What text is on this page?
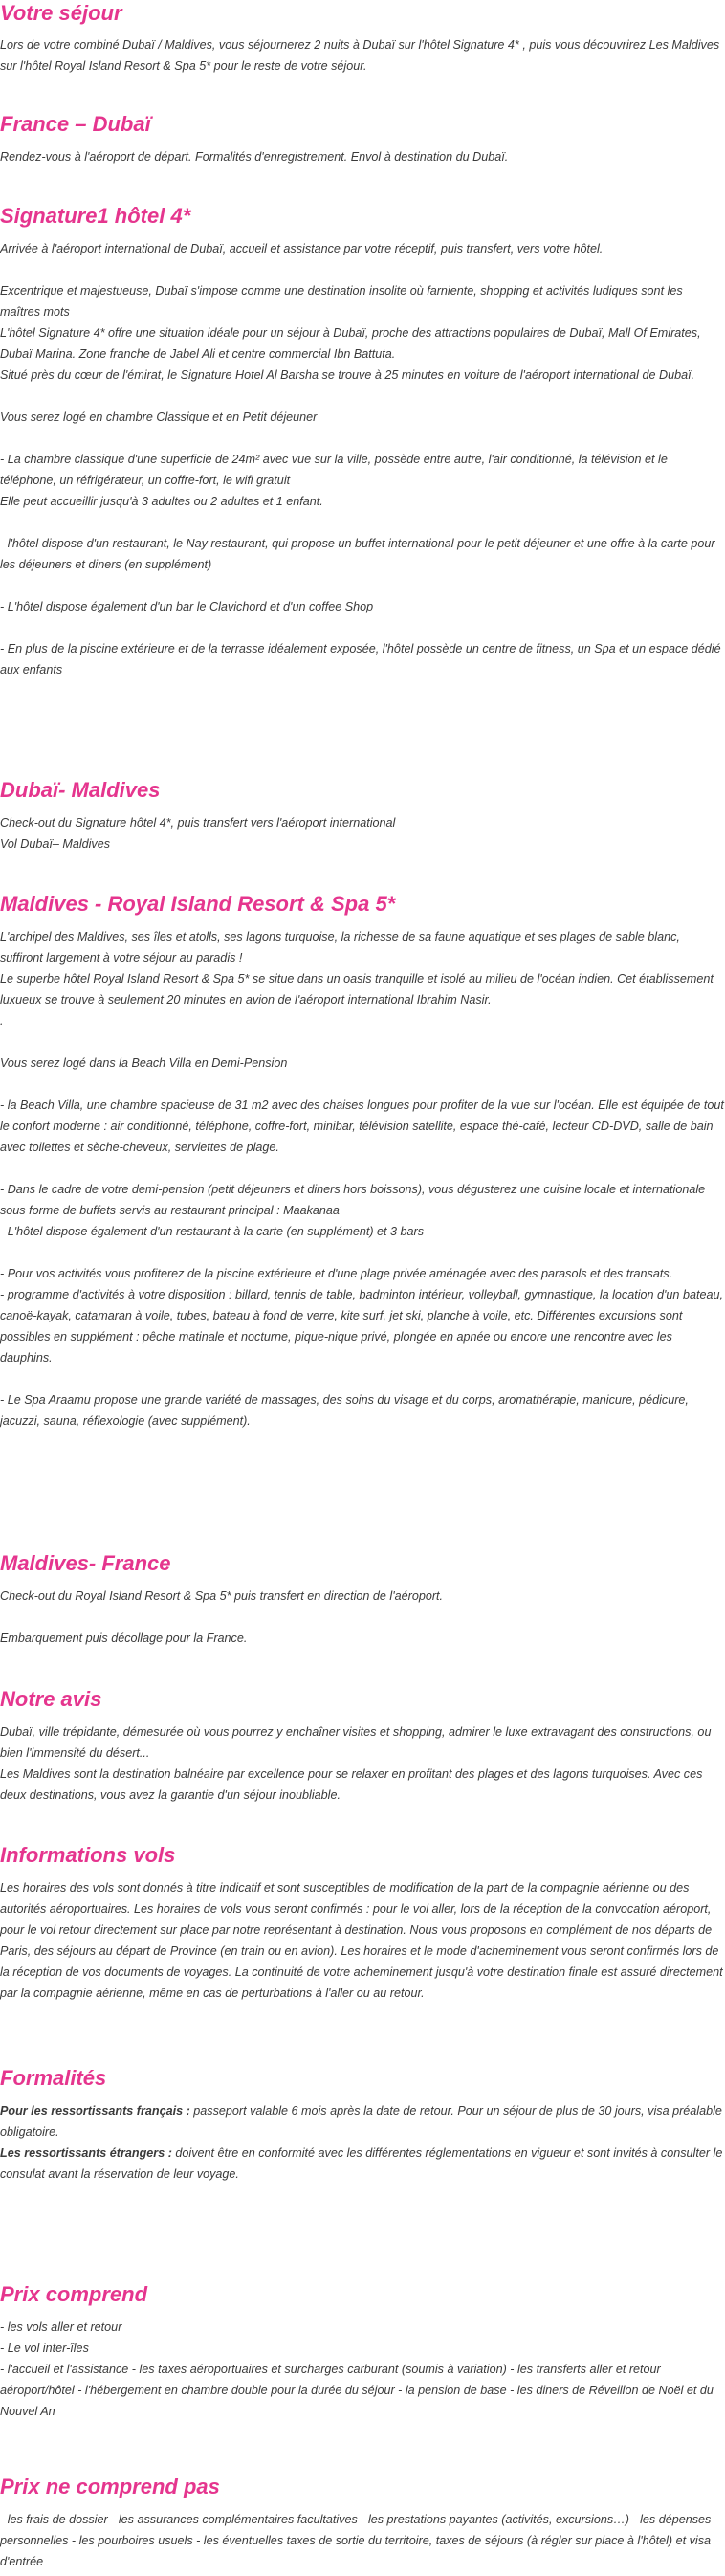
Votre séjour

Lors de votre combiné Dubaï / Maldives, vous séjournerez 2 nuits à Dubaï sur l'hôtel Signature 4* , puis vous découvrirez Les Maldives sur l'hôtel Royal Island Resort & Spa 5* pour le reste de votre séjour.

France – Dubaï

Rendez-vous à l'aéroport de départ. Formalités d'enregistrement. Envol à destination du Dubaï.

Signature1 hôtel 4*

Arrivée à l'aéroport international de Dubaï, accueil et assistance par votre réceptif, puis transfert, vers votre hôtel.

Excentrique et majestueuse, Dubaï s'impose comme une destination insolite où farniente, shopping et activités ludiques sont les maîtres mots

L'hôtel Signature 4* offre une situation idéale pour un séjour à Dubaï, proche des attractions populaires de Dubaï, Mall Of Emirates, Dubaï Marina. Zone franche de Jabel Ali et centre commercial Ibn Battuta.

Situé près du cœur de l'émirat, le Signature Hotel Al Barsha se trouve à 25 minutes en voiture de l'aéroport international de Dubaï.

Vous serez logé en chambre Classique et en Petit déjeuner

- La chambre classique d'une superficie de 24m² avec vue sur la ville, possède entre autre, l'air conditionné, la télévision et le téléphone, un réfrigérateur, un coffre-fort, le wifi gratuit

Elle peut accueillir jusqu'à 3 adultes ou 2 adultes et 1 enfant.

- l'hôtel dispose d'un restaurant, le Nay restaurant, qui propose un buffet international pour le petit déjeuner et une offre à la carte pour les déjeuners et diners (en supplément)

- L'hôtel dispose également d'un bar le Clavichord et d'un coffee Shop

- En plus de la piscine extérieure et de la terrasse idéalement exposée, l'hôtel possède un centre de fitness, un Spa et un espace dédié aux enfants

Dubaï- Maldives

Check-out du Signature hôtel 4*, puis transfert vers l'aéroport international

Vol Dubaï– Maldives

Maldives - Royal Island Resort & Spa 5*

L'archipel des Maldives, ses îles et atolls, ses lagons turquoise, la richesse de sa faune aquatique et ses plages de sable blanc, suffiront largement à votre séjour au paradis !

Le superbe hôtel Royal Island Resort & Spa 5* se situe dans un oasis tranquille et isolé au milieu de l'océan indien. Cet établissement luxueux se trouve à seulement 20 minutes en avion de l'aéroport international Ibrahim Nasir.

.

Vous serez logé dans la Beach Villa en Demi-Pension

- la Beach Villa, une chambre spacieuse de 31 m2 avec des chaises longues pour profiter de la vue sur l'océan. Elle est équipée de tout le confort moderne : air conditionné, téléphone, coffre-fort, minibar, télévision satellite, espace thé-café, lecteur CD-DVD, salle de bain avec toilettes et sèche-cheveux, serviettes de plage.

- Dans le cadre de votre demi-pension (petit déjeuners et diners hors boissons), vous dégusterez une cuisine locale et internationale sous forme de buffets servis au restaurant principal : Maakanaa

- L'hôtel dispose également d'un restaurant à la carte (en supplément) et 3 bars

- Pour vos activités vous profiterez de la piscine extérieure et d'une plage privée aménagée avec des parasols et des transats.

- programme d'activités à votre disposition : billard, tennis de table, badminton intérieur, volleyball, gymnastique, la location d'un bateau, canoë-kayak, catamaran à voile, tubes, bateau à fond de verre, kite surf, jet ski, planche à voile, etc. Différentes excursions sont possibles en supplément : pêche matinale et nocturne, pique-nique privé, plongée en apnée ou encore une rencontre avec les dauphins.

- Le Spa Araamu propose une grande variété de massages, des soins du visage et du corps, aromathérapie, manicure, pédicure, jacuzzi, sauna, réflexologie (avec supplément).

Maldives- France

Check-out du Royal Island Resort & Spa 5* puis transfert en direction de l'aéroport.

Embarquement puis décollage pour la France.

Notre avis

Dubaï, ville trépidante, démesurée où vous pourrez y enchaîner visites et shopping, admirer le luxe extravagant des constructions, ou bien l'immensité du désert...

Les Maldives sont la destination balnéaire par excellence pour se relaxer en profitant des plages et des lagons turquoises. Avec ces deux destinations, vous avez la garantie d'un séjour inoubliable.

Informations vols

Les horaires des vols sont donnés à titre indicatif et sont susceptibles de modification de la part de la compagnie aérienne ou des autorités aéroportuaires. Les horaires de vols vous seront confirmés : pour le vol aller, lors de la réception de la convocation aéroport, pour le vol retour directement sur place par notre représentant à destination. Nous vous proposons en complément de nos départs de Paris, des séjours au départ de Province (en train ou en avion). Les horaires et le mode d'acheminement vous seront confirmés lors de la réception de vos documents de voyages. La continuité de votre acheminement jusqu'à votre destination finale est assuré directement par la compagnie aérienne, même en cas de perturbations à l'aller ou au retour.

Formalités

Pour les ressortissants français : passeport valable 6 mois après la date de retour. Pour un séjour de plus de 30 jours, visa préalable obligatoire.

Les ressortissants étrangers : doivent être en conformité avec les différentes réglementations en vigueur et sont invités à consulter le consulat avant la réservation de leur voyage.

Prix comprend

- les vols aller et retour

- Le vol inter-îles

- l'accueil et l'assistance - les taxes aéroportuaires et surcharges carburant (soumis à variation) - les transferts aller et retour aéroport/hôtel - l'hébergement en chambre double pour la durée du séjour - la pension de base - les diners de Réveillon de Noël et du Nouvel An

Prix ne comprend pas

- les frais de dossier - les assurances complémentaires facultatives - les prestations payantes (activités, excursions…) - les dépenses personnelles - les pourboires usuels - les éventuelles taxes de sortie du territoire, taxes de séjours (à régler sur place à l'hôtel) et visa d'entrée
